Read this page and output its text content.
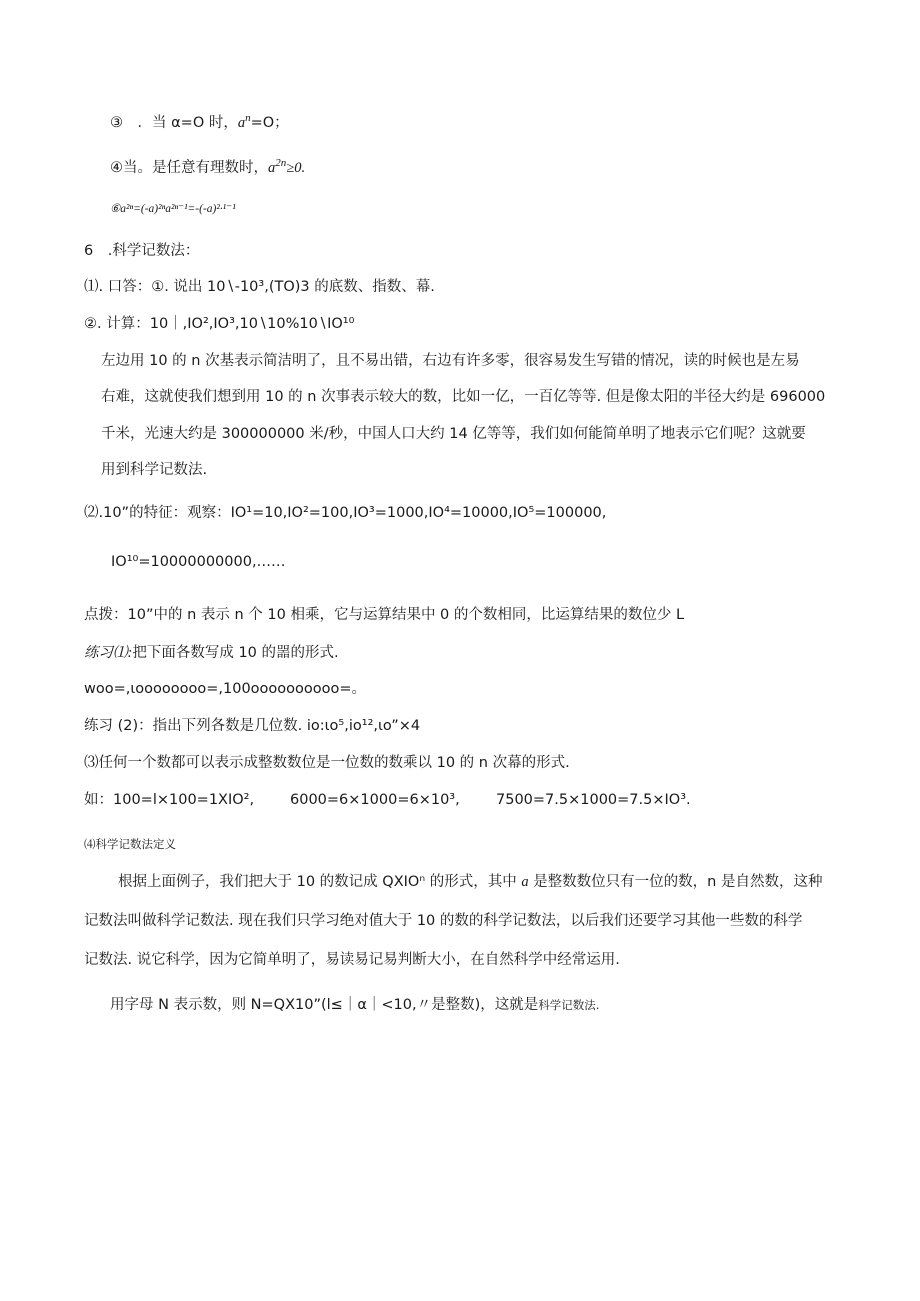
③　．当 α=O 时，$a^n=O$；
④当。是任意有理数时，$a^{2n}\ge 0$.
⑥a²ⁿ=(-a)²ⁿa²ⁿ⁻¹=-(-a)²·¹⁻¹
6　.科学记数法：
⑴. 口答：①. 说出 10∖-10³,(TO)3 的底数、指数、幕.
②. 计算：10｜,IO²,IO³,10∖10%10∖IO¹⁰
左边用 10 的 n 次基表示简洁明了，且不易出错，右边有许多零，很容易发生写错的情况，读的时候也是左易
右难，这就使我们想到用 10 的 n 次事表示较大的数，比如一亿，一百亿等等. 但是像太阳的半径大约是 696000
千米，光速大约是 300000000 米/秒，中国人口大约 14 亿等等，我们如何能简单明了地表示它们呢？这就要
用到科学记数法.
⑵.10”的特征：观察：IO¹=10,IO²=100,IO³=1000,IO⁴=10000,IO⁵=100000,
IO¹⁰=10000000000,……
点拨：10”中的 n 表示 n 个 10 相乘，它与运算结果中 0 的个数相同，比运算结果的数位少 L
练习⑴:把下面各数写成 10 的噐的形式.
woo=,ιoooooooo=,100oooooooooo=。
练习 (2)：指出下列各数是几位数. io:ιo⁵,io¹²,ιo”×4
⑶任何一个数都可以表示成整数数位是一位数的数乘以 10 的 n 次幕的形式.
如：100=l×100=1XIO², 6000=6×1000=6×10³,	7500=7.5×1000=7.5×IO³.
⑷科学记数法定义
根据上面例子，我们把大于 10 的数记成 QXIOⁿ 的形式，其中 a 是整数数位只有一位的数，n 是自然数，这种
记数法叫做科学记数法. 现在我们只学习绝对值大于 10 的数的科学记数法，以后我们还要学习其他一些数的科学
记数法. 说它科学，因为它简单明了，易读易记易判断大小，在自然科学中经常运用.
用字母 N 表示数，则 N=QX10”(l≤｜α｜<10,〃是整数)，这就是科学记数法.
